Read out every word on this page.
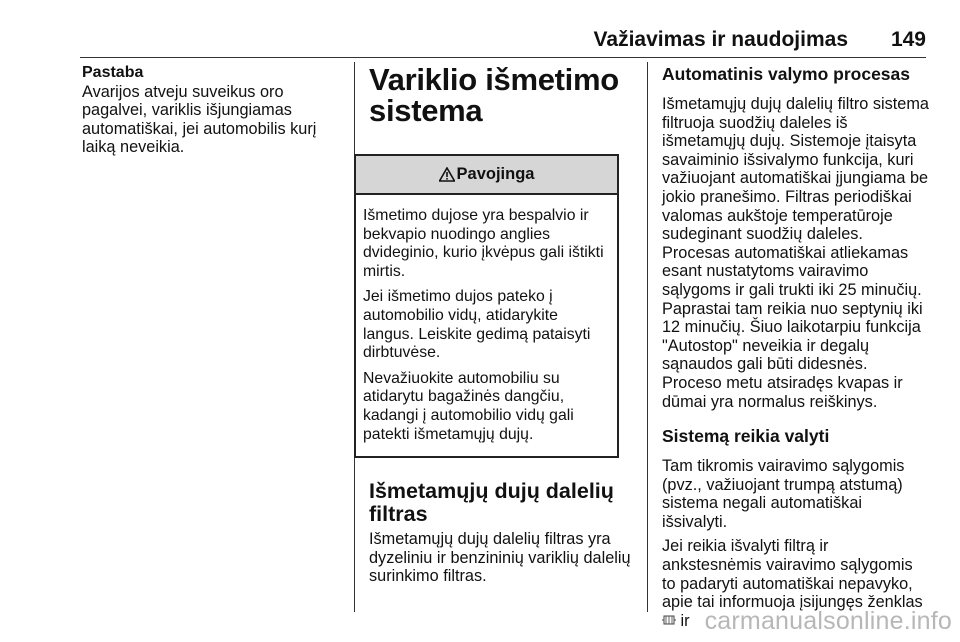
Važiavimas ir naudojimas 149

Pastaba

Avarijos atveju suveikus oro pagalvei, variklis išjungiamas automatiškai, jei automobilis kurį laiką neveikia.

Variklio išmetimo sistema
Pavojinga

Išmetimo dujose yra bespalvio ir bekvapio nuodingo anglies dvideginio, kurio įkvėpus gali ištikti mirtis.

Jei išmetimo dujos pateko į automobilio vidų, atidarykite langus. Leiskite gedimą pataisyti dirbtuvėse.

Nevažiuokite automobiliu su atidarytu bagažinės dangčiu, kadangi į automobilio vidų gali patekti išmetamųjų dujų.

Išmetamųjų dujų dalelių filtras

Išmetamųjų dujų dalelių filtras yra dyzeliniu ir benzininių variklių dalelių surinkimo filtras.

Automatinis valymo procesas

Išmetamųjų dujų dalelių filtro sistema filtruoja suodžių daleles iš išmetamųjų dujų. Sistemoje įtaisyta savaiminio išsivalymo funkcija, kuri važiuojant automatiškai įjungiama be jokio pranešimo. Filtras periodiškai valomas aukštoje temperatūroje sudeginant suodžių daleles. Procesas automatiškai atliekamas esant nustatytoms vairavimo sąlygoms ir gali trukti iki 25 minučių. Paprastai tam reikia nuo septynių iki 12 minučių. Šiuo laikotarpiu funkcija "Autostop" neveikia ir degalų sąnaudos gali būti didesnės. Proceso metu atsiradęs kvapas ir dūmai yra normalus reiškinys.

Sistemą reikia valyti

Tam tikromis vairavimo sąlygomis (pvz., važiuojant trumpą atstumą) sistema negali automatiškai išsivalyti.

Jei reikia išvalyti filtrą ir ankstesnėmis vairavimo sąlygomis to padaryti automatiškai nepavyko, apie tai informuoja įsijungęs ženklas  ir carmanualsonline.info
